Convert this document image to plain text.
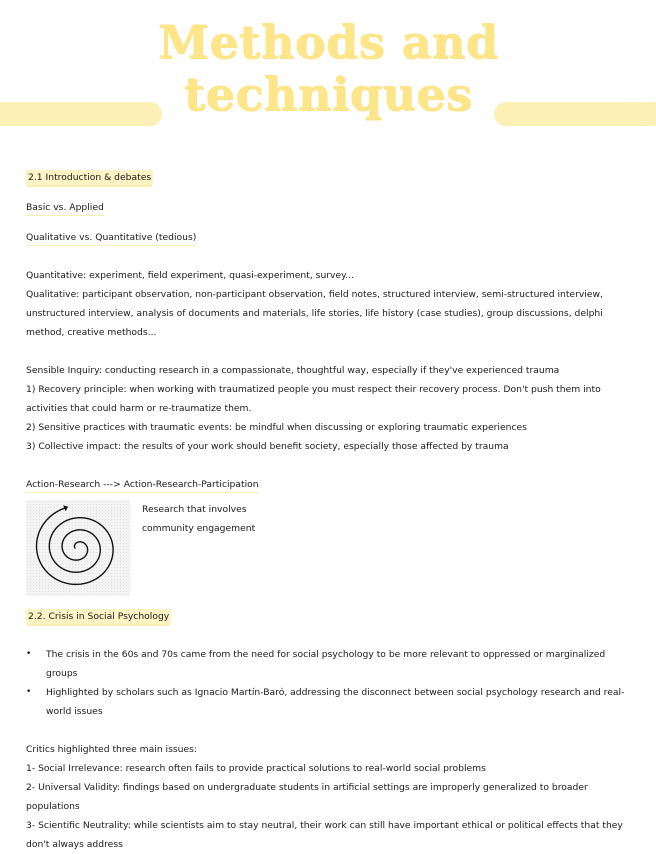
Methods and
techniques

2.1 Introduction & debates

Basic vs. Applied

Qualitative vs. Quantitative (tedious)

Quantitative: experiment, field experiment, quasi-experiment, survey...

Qualitative: participant observation, non-participant observation, field notes, structured interview, semi-structured interview, unstructured interview, analysis of documents and materials, life stories, life history (case studies), group discussions, delphi method, creative methods...

Sensible Inquiry: conducting research in a compassionate, thoughtful way, especially if they've experienced trauma

1) Recovery principle: when working with traumatized people you must respect their recovery process. Don't push them into activities that could harm or re-traumatize them.

2) Sensitive practices with traumatic events: be mindful when discussing or exploring traumatic experiences

3) Collective impact: the results of your work should benefit society, especially those affected by trauma

Action-Research ---> Action-Research-Participation

Research that involves

community engagement

2.2. Crisis in Social Psychology

• The crisis in the 60s and 70s came from the need for social psychology to be more relevant to oppressed or marginalized groups
• Highlighted by scholars such as Ignacio Martín-Baró, addressing the disconnect between social psychology research and real-world issues

Critics highlighted three main issues:

1- Social Irrelevance: research often fails to provide practical solutions to real-world social problems

2- Universal Validity: findings based on undergraduate students in artificial settings are improperly generalized to broader populations

3- Scientific Neutrality: while scientists aim to stay neutral, their work can still have important ethical or political effects that they don't always address
